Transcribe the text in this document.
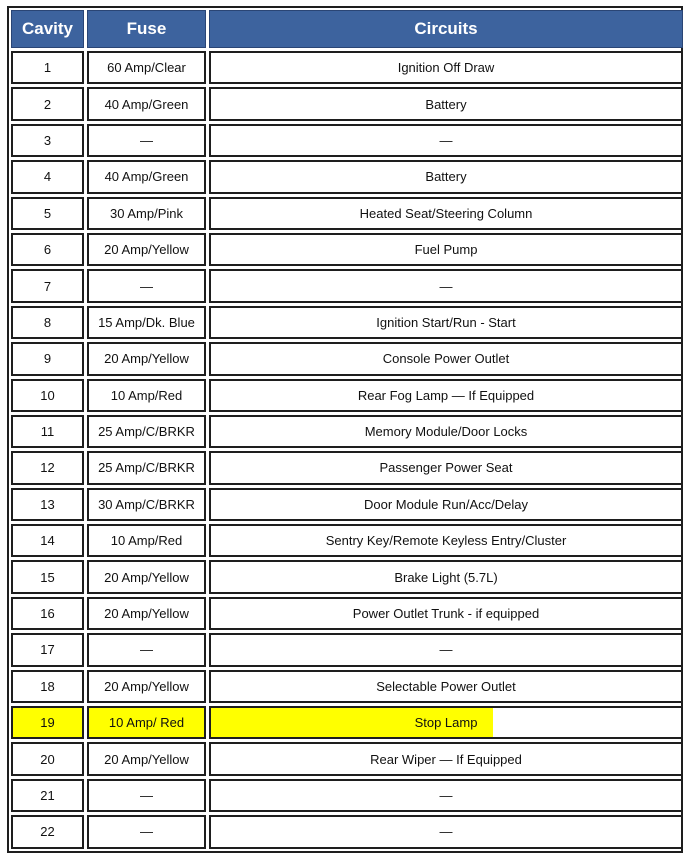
Cavity	Fuse	Circuits
1	60 Amp/Clear	Ignition Off Draw
2	40 Amp/Green	Battery
3	—	—
4	40 Amp/Green	Battery
5	30 Amp/Pink	Heated Seat/Steering Column
6	20 Amp/Yellow	Fuel Pump
7	—	—
8	15 Amp/Dk. Blue	Ignition Start/Run - Start
9	20 Amp/Yellow	Console Power Outlet
10	10 Amp/Red	Rear Fog Lamp — If Equipped
11	25 Amp/C/BRKR	Memory Module/Door Locks
12	25 Amp/C/BRKR	Passenger Power Seat
13	30 Amp/C/BRKR	Door Module Run/Acc/Delay
14	10 Amp/Red	Sentry Key/Remote Keyless Entry/Cluster
15	20 Amp/Yellow	Brake Light (5.7L)
16	20 Amp/Yellow	Power Outlet Trunk - if equipped
17	—	—
18	20 Amp/Yellow	Selectable Power Outlet
19	10 Amp/ Red	Stop Lamp
20	20 Amp/Yellow	Rear Wiper — If Equipped
21	—	—
22	—	—
